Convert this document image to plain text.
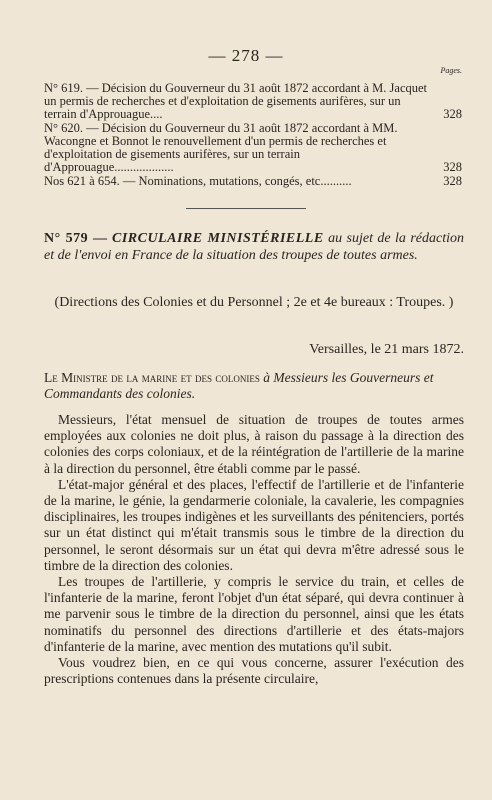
— 278 —
Pages.
N° 619. — Décision du Gouverneur du 31 août 1872 accordant à M. Jacquet un permis de recherches et d'exploitation de gisements aurifères, sur un terrain d'Approuague....	328
N° 620. — Décision du Gouverneur du 31 août 1872 accordant à MM. Wacongne et Bonnot le renouvellement d'un permis de recherches et d'exploitation de gisements aurifères, sur un terrain d'Approuague...................	328
Nos 621 à 654. — Nominations, mutations, congés, etc..........	328
N° 579 — CIRCULAIRE MINISTÉRIELLE au sujet de la rédaction et de l'envoi en France de la situation des troupes de toutes armes.
(Directions des Colonies et du Personnel ; 2e et 4e bureaux : Troupes. )
Versailles, le 21 mars 1872.
Le Ministre de la marine et des colonies à Messieurs les Gouverneurs et Commandants des colonies.

Messieurs, l'état mensuel de situation de troupes de toutes armes employées aux colonies ne doit plus, à raison du passage à la direction des colonies des corps coloniaux, et de la réintégration de l'artillerie de la marine à la direction du personnel, être établi comme par le passé.

L'état-major général et des places, l'effectif de l'artillerie et de l'infanterie de la marine, le génie, la gendarmerie coloniale, la cavalerie, les compagnies disciplinaires, les troupes indigènes et les surveillants des pénitenciers, portés sur un état distinct qui m'était transmis sous le timbre de la direction du personnel, le seront désormais sur un état qui devra m'être adressé sous le timbre de la direction des colonies.

Les troupes de l'artillerie, y compris le service du train, et celles de l'infanterie de la marine, feront l'objet d'un état séparé, qui devra continuer à me parvenir sous le timbre de la direction du personnel, ainsi que les états nominatifs du personnel des directions d'artillerie et des états-majors d'infanterie de la marine, avec mention des mutations qu'il subit.

Vous voudrez bien, en ce qui vous concerne, assurer l'exécution des prescriptions contenues dans la présente circulaire,
